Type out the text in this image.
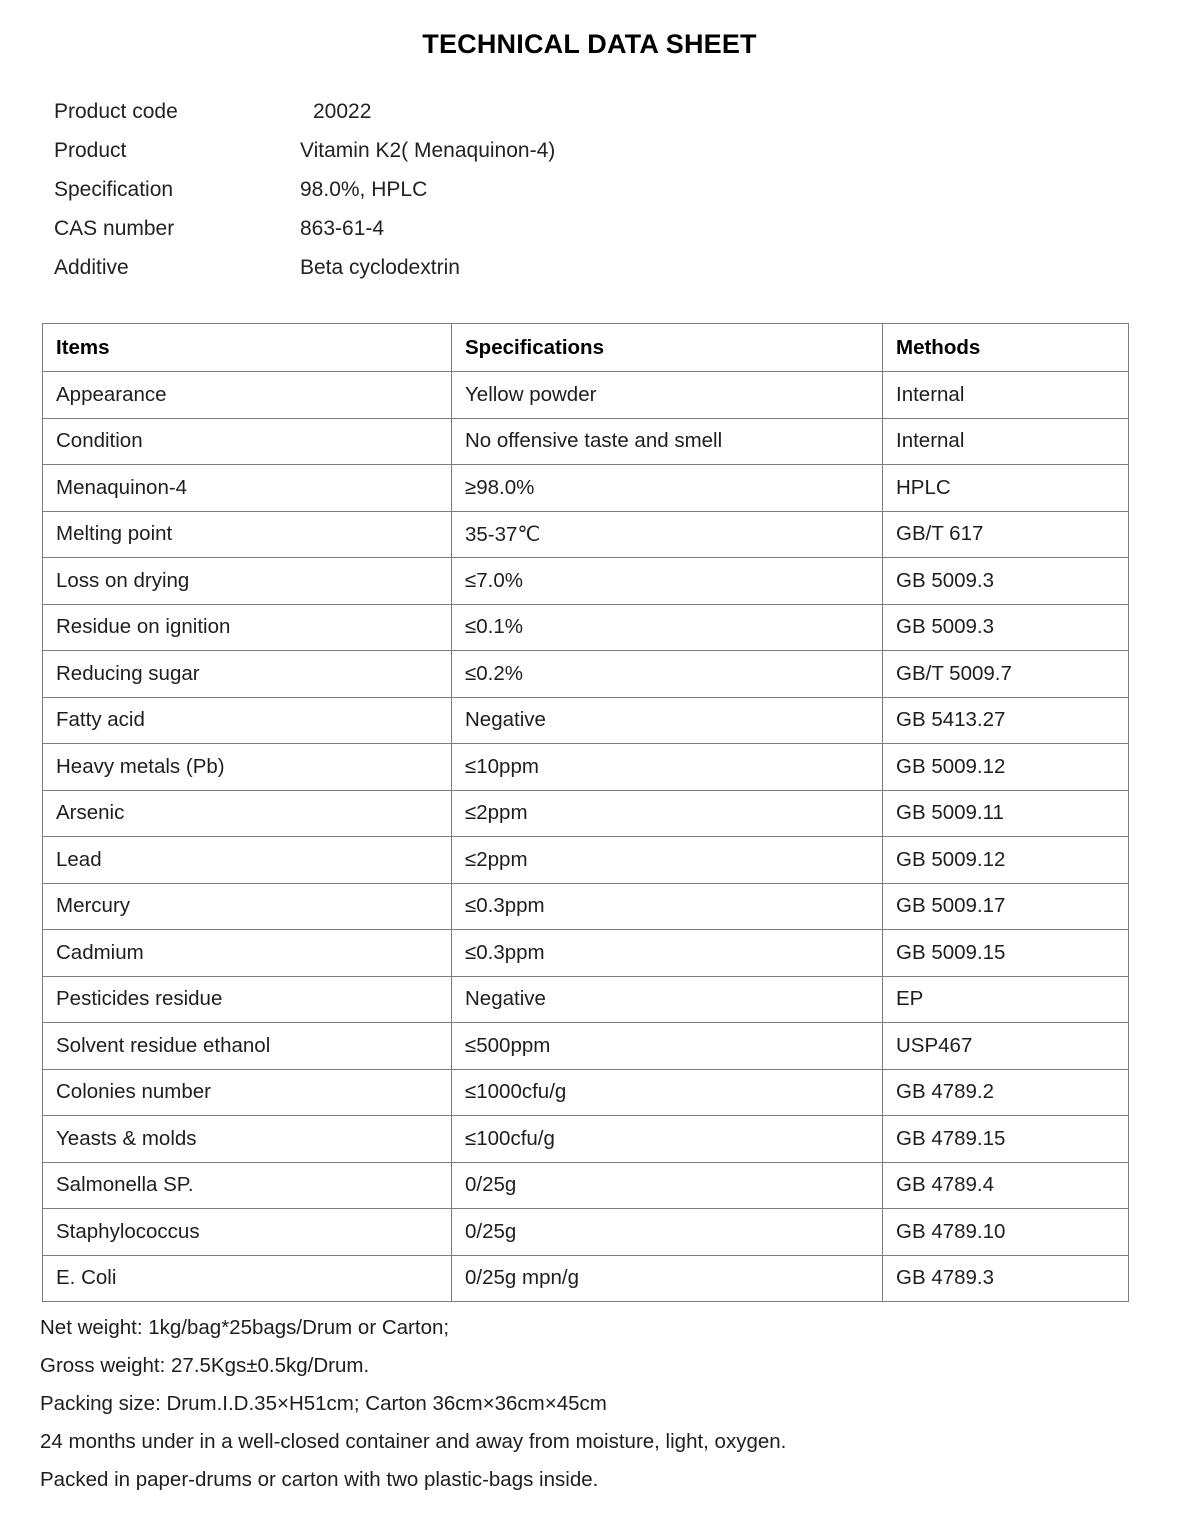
TECHNICAL DATA SHEET
Product code	20022
Product	Vitamin K2( Menaquinon-4)
Specification	98.0%, HPLC
CAS number	863-61-4
Additive	Beta cyclodextrin
Items	Specifications	Methods
Appearance	Yellow powder	Internal
Condition	No offensive taste and smell	Internal
Menaquinon-4	≥98.0%	HPLC
Melting point	35-37℃	GB/T 617
Loss on drying	≤7.0%	GB 5009.3
Residue on ignition	≤0.1%	GB 5009.3
Reducing sugar	≤0.2%	GB/T 5009.7
Fatty acid	Negative	GB 5413.27
Heavy metals (Pb)	≤10ppm	GB 5009.12
Arsenic	≤2ppm	GB 5009.11
Lead	≤2ppm	GB 5009.12
Mercury	≤0.3ppm	GB 5009.17
Cadmium	≤0.3ppm	GB 5009.15
Pesticides residue	Negative	EP
Solvent residue ethanol	≤500ppm	USP467
Colonies number	≤1000cfu/g	GB 4789.2
Yeasts & molds	≤100cfu/g	GB 4789.15
Salmonella SP.	0/25g	GB 4789.4
Staphylococcus	0/25g	GB 4789.10
E. Coli	0/25g mpn/g	GB 4789.3
Net weight: 1kg/bag*25bags/Drum or Carton;
Gross weight: 27.5Kgs±0.5kg/Drum.
Packing size: Drum.I.D.35×H51cm; Carton 36cm×36cm×45cm
24 months under in a well-closed container and away from moisture, light, oxygen.
Packed in paper-drums or carton with two plastic-bags inside.
